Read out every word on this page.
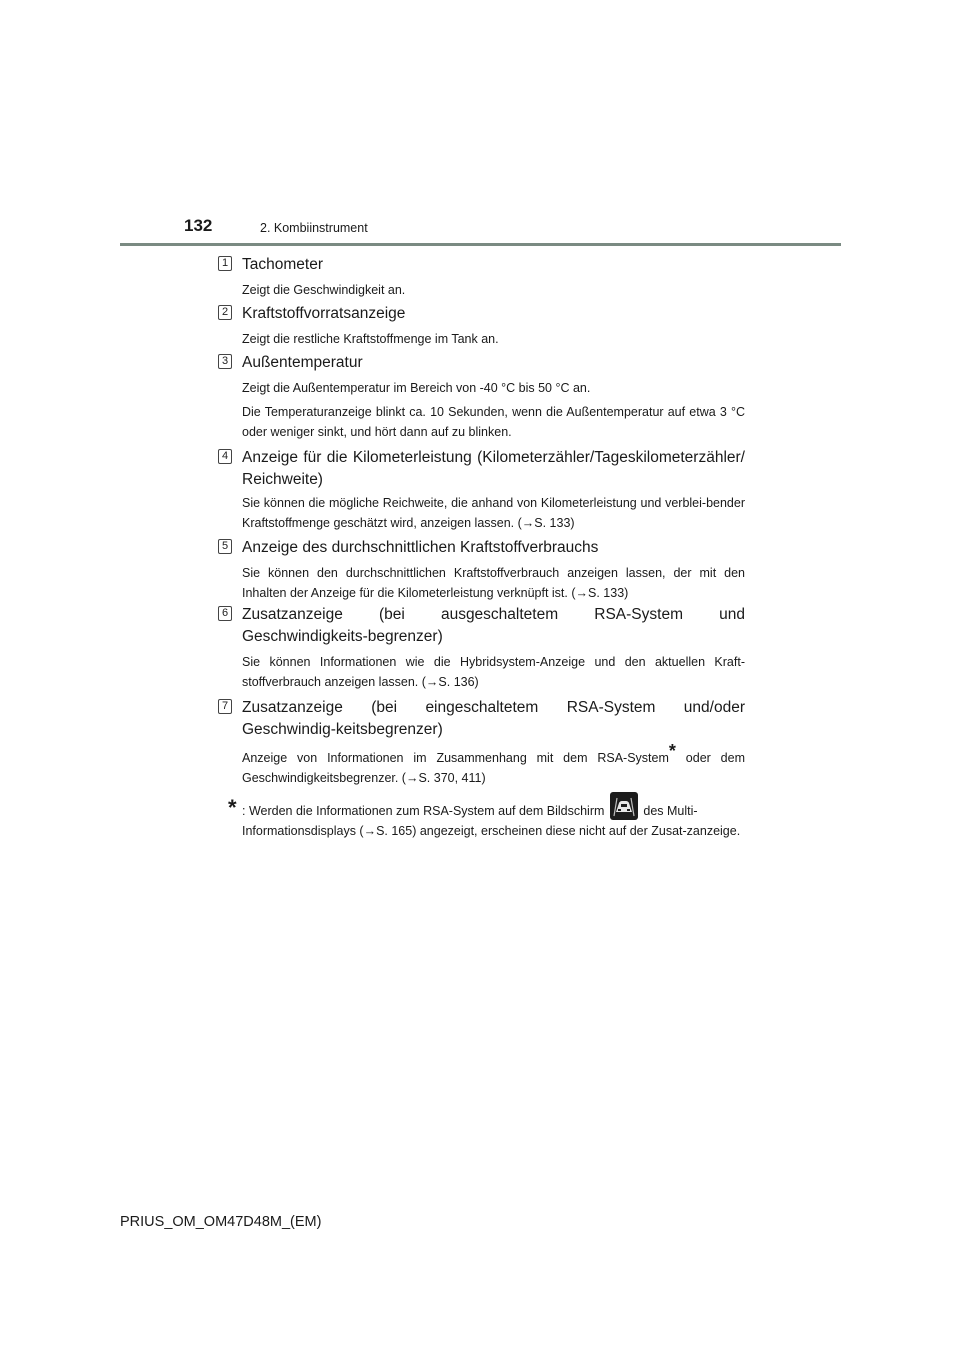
132	2. Kombiinstrument
1 Tachometer
Zeigt die Geschwindigkeit an.
2 Kraftstoffvorratsanzeige
Zeigt die restliche Kraftstoffmenge im Tank an.
3 Außentemperatur
Zeigt die Außentemperatur im Bereich von -40 °C bis 50 °C an.
Die Temperaturanzeige blinkt ca. 10 Sekunden, wenn die Außentemperatur auf etwa 3 °C oder weniger sinkt, und hört dann auf zu blinken.
4 Anzeige für die Kilometerleistung (Kilometerzähler/Tageskilometerzähler/ Reichweite)
Sie können die mögliche Reichweite, die anhand von Kilometerleistung und verblei-bender Kraftstoffmenge geschätzt wird, anzeigen lassen. (→S. 133)
5 Anzeige des durchschnittlichen Kraftstoffverbrauchs
Sie können den durchschnittlichen Kraftstoffverbrauch anzeigen lassen, der mit den Inhalten der Anzeige für die Kilometerleistung verknüpft ist. (→S. 133)
6 Zusatzanzeige (bei ausgeschaltetem RSA-System und Geschwindigkeits-begrenzer)
Sie können Informationen wie die Hybridsystem-Anzeige und den aktuellen Kraft-stoffverbrauch anzeigen lassen. (→S. 136)
7 Zusatzanzeige (bei eingeschaltetem RSA-System und/oder Geschwindig-keitsbegrenzer)
Anzeige von Informationen im Zusammenhang mit dem RSA-System* oder dem Geschwindigkeitsbegrenzer. (→S. 370, 411)
* : Werden die Informationen zum RSA-System auf dem Bildschirm	des Multi-
Informationsdisplays (→S. 165) angezeigt, erscheinen diese nicht auf der Zusat-zanzeige.
PRIUS_OM_OM47D48M_(EM)
